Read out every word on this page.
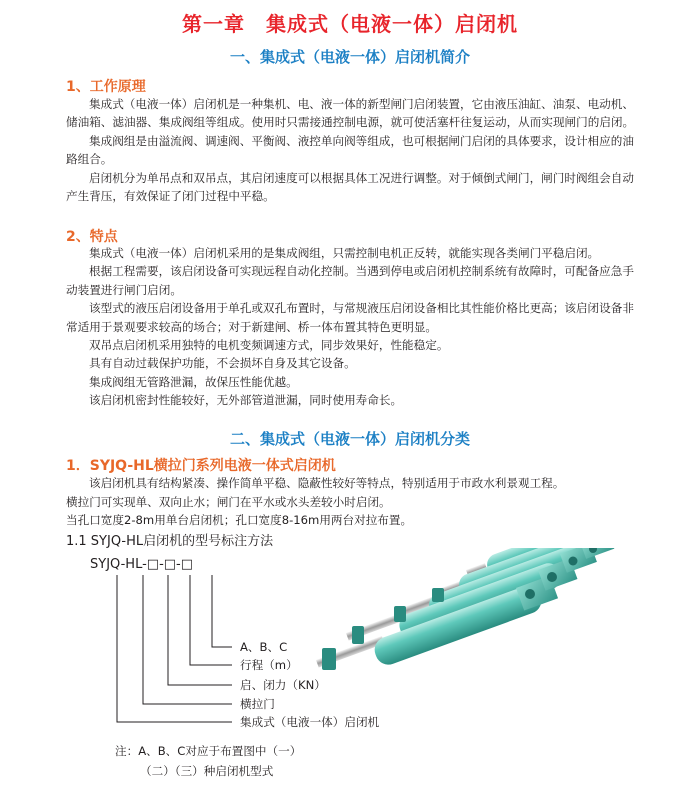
第一章　集成式（电液一体）启闭机
一、集成式（电液一体）启闭机简介
1、工作原理

集成式（电液一体）启闭机是一种集机、电、液一体的新型闸门启闭装置，它由液压油缸、油泵、电动机、储油箱、滤油器、集成阀组等组成。使用时只需接通控制电源，就可使活塞杆往复运动，从而实现闸门的启闭。

集成阀组是由溢流阀、调速阀、平衡阀、液控单向阀等组成，也可根据闸门启闭的具体要求，设计相应的油路组合。

启闭机分为单吊点和双吊点，其启闭速度可以根据具体工况进行调整。对于倾倒式闸门，闸门时阀组会自动产生背压，有效保证了闭门过程中平稳。

2、特点

集成式（电液一体）启闭机采用的是集成阀组，只需控制电机正反转，就能实现各类闸门平稳启闭。

根据工程需要，该启闭设备可实现远程自动化控制。当遇到停电或启闭机控制系统有故障时，可配备应急手动装置进行闸门启闭。

该型式的液压启闭设备用于单孔或双孔布置时，与常规液压启闭设备相比其性能价格比更高；该启闭设备非常适用于景观要求较高的场合；对于新建闸、桥一体布置其特色更明显。

双吊点启闭机采用独特的电机变频调速方式，同步效果好，性能稳定。

具有自动过载保护功能，不会损坏自身及其它设备。

集成阀组无管路泄漏，故保压性能优越。

该启闭机密封性能较好，无外部管道泄漏，同时使用寿命长。

二、集成式（电液一体）启闭机分类
1．SYJQ-HL横拉门系列电液一体式启闭机
该启闭机具有结构紧凑、操作简单平稳、隐蔽性较好等特点，特别适用于市政水利景观工程。
横拉门可实现单、双向止水；闸门在平水或水头差较小时启闭。
当孔口宽度2-8m用单台启闭机；孔口宽度8-16m用两台对拉布置。
1.1 SYJQ-HL启闭机的型号标注方法
SYJQ-HL-□-□-□
A、B、C
行程（m）
启、闭力（KN）
横拉门
集成式（电液一体）启闭机
注：A、B、C对应于布置图中（一）
（二）（三）种启闭机型式
